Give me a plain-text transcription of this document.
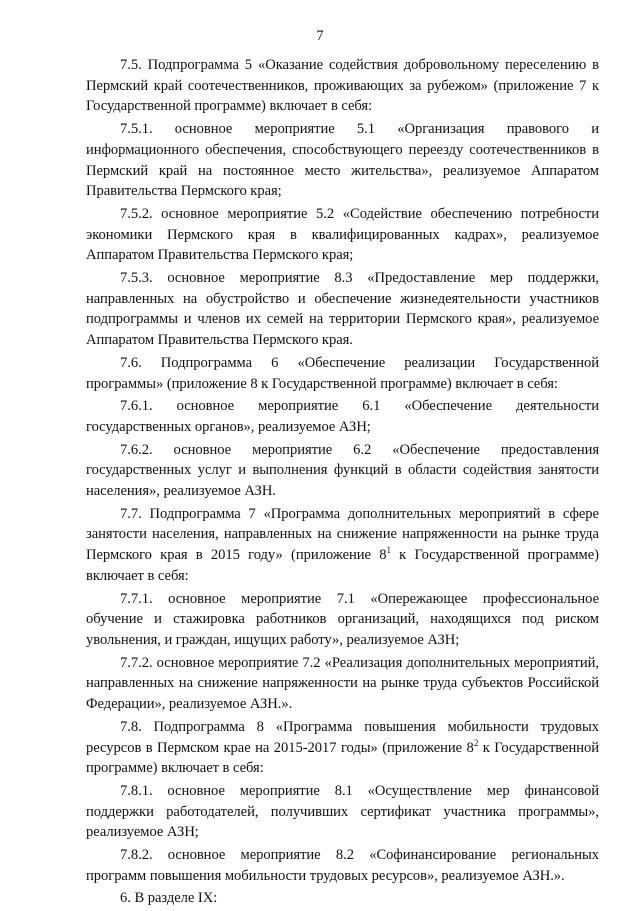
7

7.5. Подпрограмма 5 «Оказание содействия добровольному переселению в Пермский край соотечественников, проживающих за рубежом» (приложение 7 к Государственной программе) включает в себя:

7.5.1. основное мероприятие 5.1 «Организация правового и информационного обеспечения, способствующего переезду соотечественников в Пермский край на постоянное место жительства», реализуемое Аппаратом Правительства Пермского края;

7.5.2. основное мероприятие 5.2 «Содействие обеспечению потребности экономики Пермского края в квалифицированных кадрах», реализуемое Аппаратом Правительства Пермского края;

7.5.3. основное мероприятие 8.3 «Предоставление мер поддержки, направленных на обустройство и обеспечение жизнедеятельности участников подпрограммы и членов их семей на территории Пермского края», реализуемое Аппаратом Правительства Пермского края.

7.6. Подпрограмма 6 «Обеспечение реализации Государственной программы» (приложение 8 к Государственной программе) включает в себя:

7.6.1. основное мероприятие 6.1 «Обеспечение деятельности государственных органов», реализуемое АЗН;

7.6.2. основное мероприятие 6.2 «Обеспечение предоставления государственных услуг и выполнения функций в области содействия занятости населения», реализуемое АЗН.

7.7. Подпрограмма 7 «Программа дополнительных мероприятий в сфере занятости населения, направленных на снижение напряженности на рынке труда Пермского края в 2015 году» (приложение $8^1$ к Государственной программе) включает в себя:

7.7.1. основное мероприятие 7.1 «Опережающее профессиональное обучение и стажировка работников организаций, находящихся под риском увольнения, и граждан, ищущих работу», реализуемое АЗН;

7.7.2. основное мероприятие 7.2 «Реализация дополнительных мероприятий, направленных на снижение напряженности на рынке труда субъектов Российской Федерации», реализуемое АЗН.».

7.8. Подпрограмма 8 «Программа повышения мобильности трудовых ресурсов в Пермском крае на 2015-2017 годы» (приложение $8^2$ к Государственной программе) включает в себя:

7.8.1. основное мероприятие 8.1 «Осуществление мер финансовой поддержки работодателей, получивших сертификат участника программы», реализуемое АЗН;

7.8.2. основное мероприятие 8.2 «Софинансирование региональных программ повышения мобильности трудовых ресурсов», реализуемое АЗН.».

6. В разделе IX:
